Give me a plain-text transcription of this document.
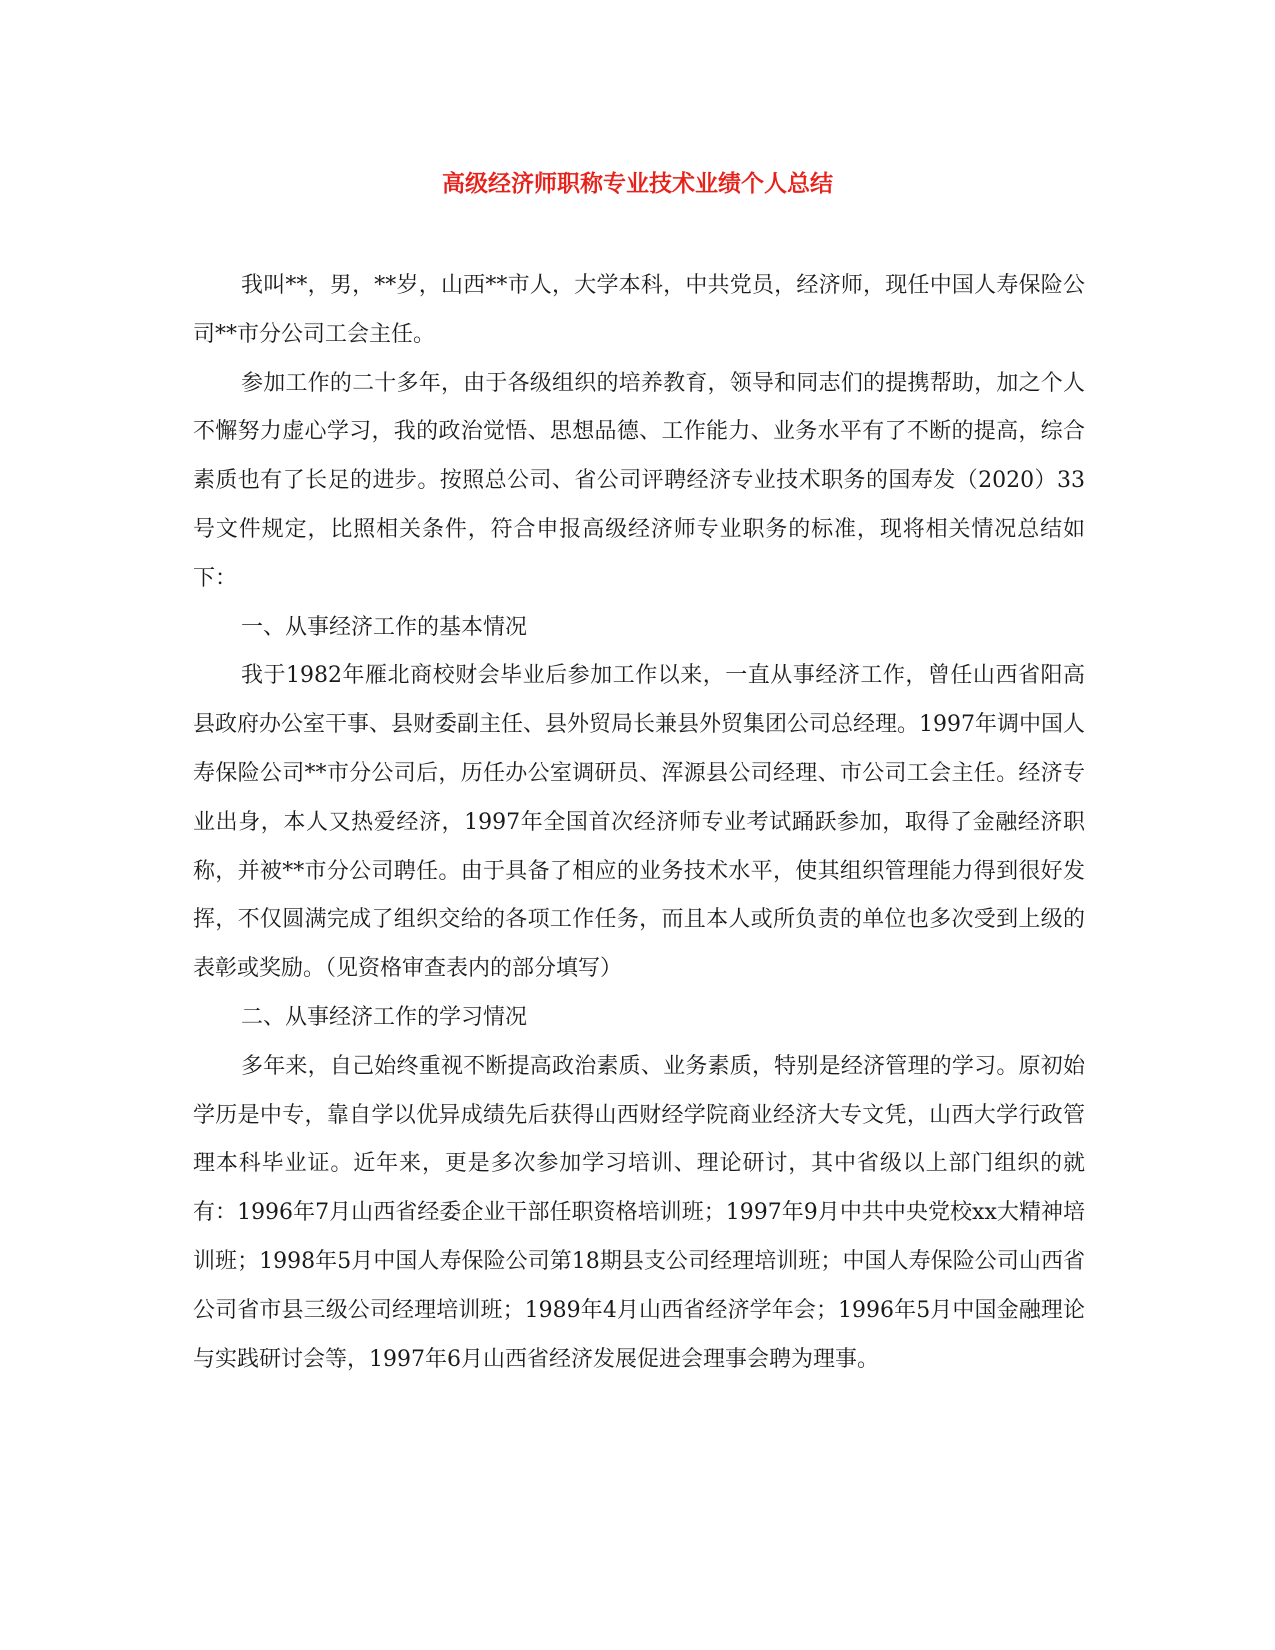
高级经济师职称专业技术业绩个人总结

我叫**，男，**岁，山西**市人，大学本科，中共党员，经济师，现任中国人寿保险公司**市分公司工会主任。

参加工作的二十多年，由于各级组织的培养教育，领导和同志们的提携帮助，加之个人不懈努力虚心学习，我的政治觉悟、思想品德、工作能力、业务水平有了不断的提高，综合素质也有了长足的进步。按照总公司、省公司评聘经济专业技术职务的国寿发（2020）33号文件规定，比照相关条件，符合申报高级经济师专业职务的标准，现将相关情况总结如下：

一、从事经济工作的基本情况

我于1982年雁北商校财会毕业后参加工作以来，一直从事经济工作，曾任山西省阳高县政府办公室干事、县财委副主任、县外贸局长兼县外贸集团公司总经理。1997年调中国人寿保险公司**市分公司后，历任办公室调研员、浑源县公司经理、市公司工会主任。经济专业出身，本人又热爱经济，1997年全国首次经济师专业考试踊跃参加，取得了金融经济职称，并被**市分公司聘任。由于具备了相应的业务技术水平，使其组织管理能力得到很好发挥，不仅圆满完成了组织交给的各项工作任务，而且本人或所负责的单位也多次受到上级的表彰或奖励。（见资格审查表内的部分填写）

二、从事经济工作的学习情况

多年来，自己始终重视不断提高政治素质、业务素质，特别是经济管理的学习。原初始学历是中专，靠自学以优异成绩先后获得山西财经学院商业经济大专文凭，山西大学行政管理本科毕业证。近年来，更是多次参加学习培训、理论研讨，其中省级以上部门组织的就有：1996年7月山西省经委企业干部任职资格培训班；1997年9月中共中央党校xx大精神培训班；1998年5月中国人寿保险公司第18期县支公司经理培训班；中国人寿保险公司山西省公司省市县三级公司经理培训班；1989年4月山西省经济学年会；1996年5月中国金融理论与实践研讨会等，1997年6月山西省经济发展促进会理事会聘为理事。
